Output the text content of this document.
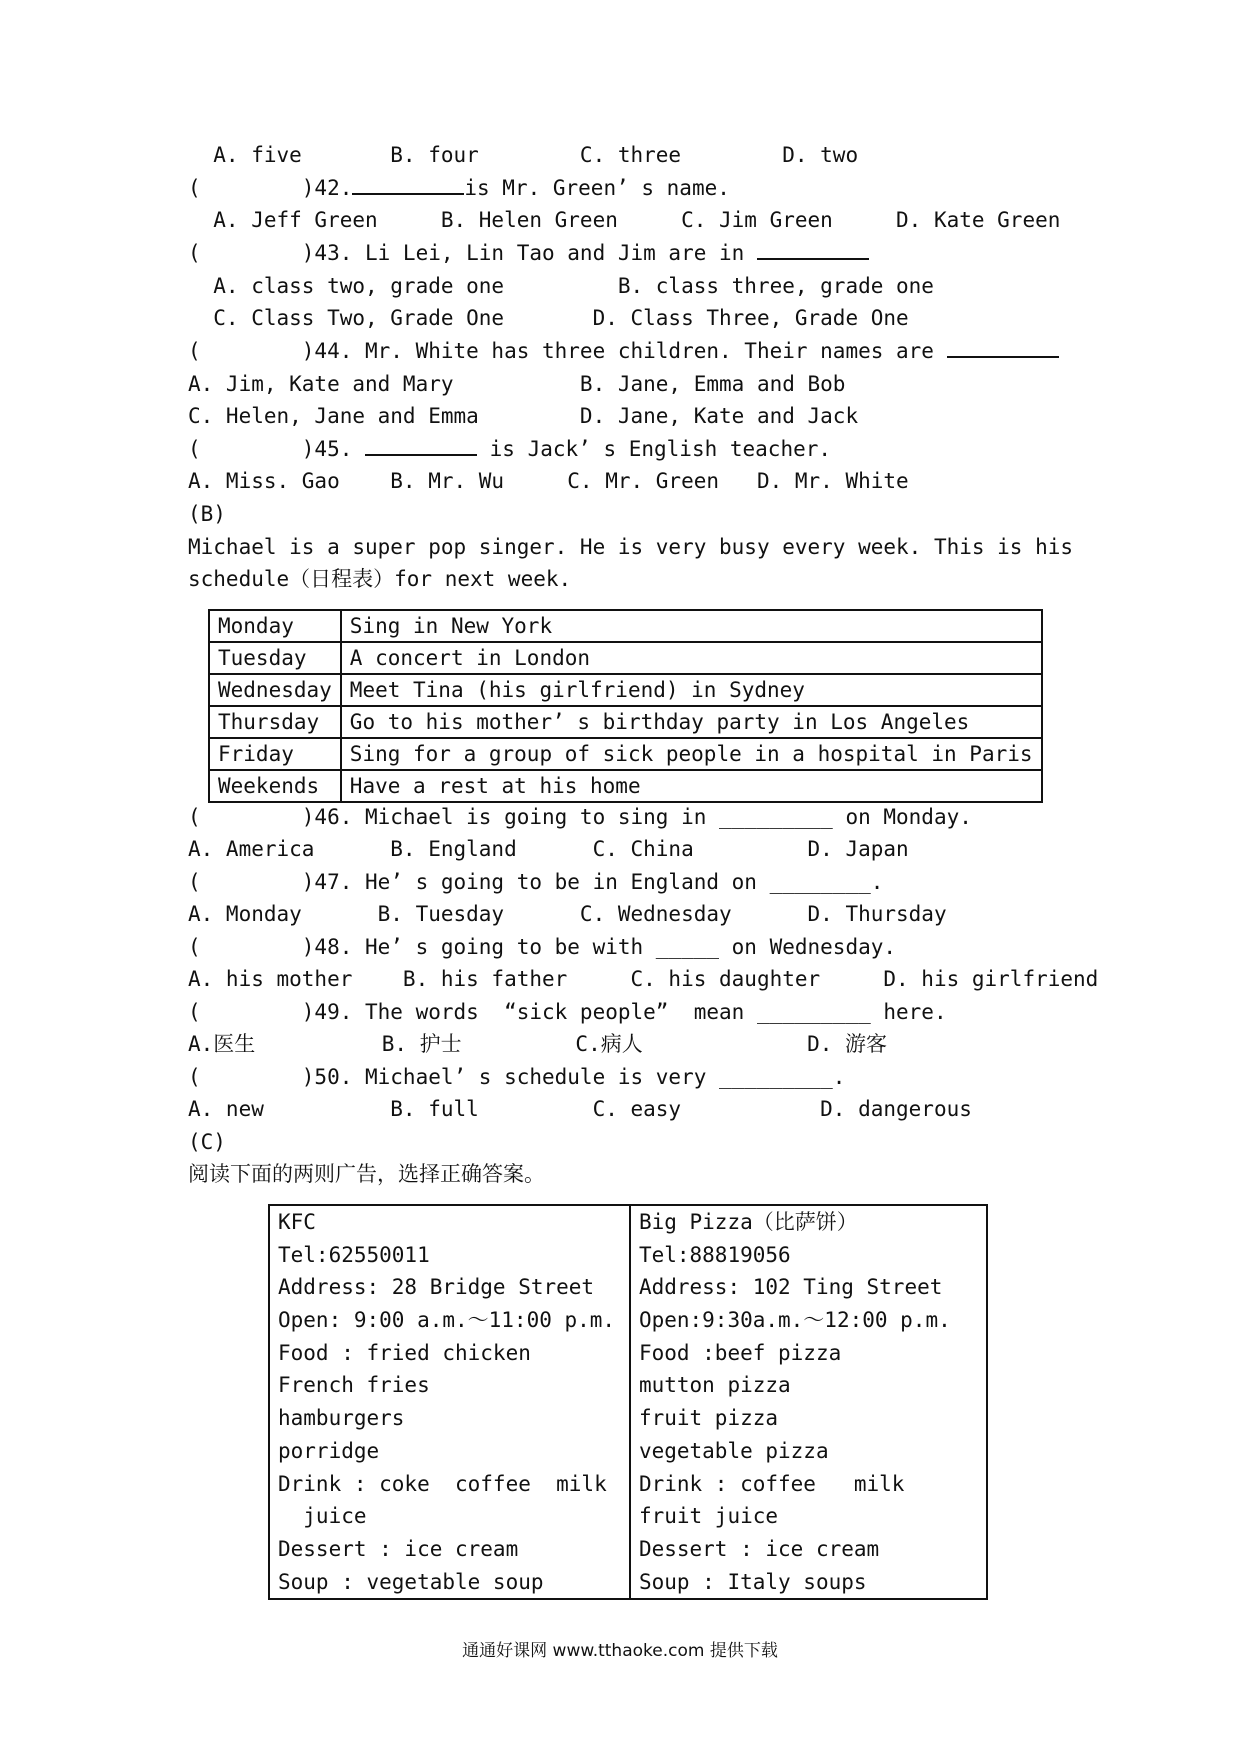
A. five       B. four        C. three        D. two
(        )42.	is Mr. Green’ s name.
A. Jeff Green     B. Helen Green     C. Jim Green     D. Kate Green
(        )43. Li Lei, Lin Tao and Jim are in
A. class two, grade one         B. class three, grade one
C. Class Two, Grade One       D. Class Three, Grade One
(        )44. Mr. White has three children. Their names are
A. Jim, Kate and Mary          B. Jane, Emma and Bob
C. Helen, Jane and Emma        D. Jane, Kate and Jack
(        )45.	is Jack’ s English teacher.
A. Miss. Gao    B. Mr. Wu     C. Mr. Green   D. Mr. White
(B)
Michael is a super pop singer. He is very busy every week. This is his
schedule（日程表）for next week.
(        )46. Michael is going to sing in _________ on Monday.
A. America      B. England      C. China         D. Japan
(        )47. He’ s going to be in England on ________.
A. Monday      B. Tuesday      C. Wednesday      D. Thursday
(        )48. He’ s going to be with _____ on Wednesday.
A. his mother    B. his father     C. his daughter     D. his girlfriend
(        )49. The words  “sick people”  mean _________ here.
A.医生          B. 护士         C.病人             D. 游客
(        )50. Michael’ s schedule is very _________.
A. new          B. full         C. easy           D. dangerous
(C)
阅读下面的两则广告，选择正确答案。
Monday	Sing in New York
Tuesday	A concert in London
Wednesday	Meet Tina (his girlfriend) in Sydney
Thursday	Go to his mother’ s birthday party in Los Angeles
Friday	Sing for a group of sick people in a hospital in Paris
Weekends	Have a rest at his home
KFC
Tel:62550011
Address: 28 Bridge Street
Open: 9:00 a.m.～11:00 p.m.
Food : fried chicken
French fries
hamburgers
porridge
Drink : coke  coffee  milk
juice
Dessert : ice cream
Soup : vegetable soup

Big Pizza（比萨饼）
Tel:88819056
Address: 102 Ting Street
Open:9:30a.m.～12:00 p.m.
Food :beef pizza
mutton pizza
fruit pizza
vegetable pizza
Drink : coffee   milk
fruit juice
Dessert : ice cream
Soup : Italy soups
通通好课网 www.tthaoke.com 提供下载
